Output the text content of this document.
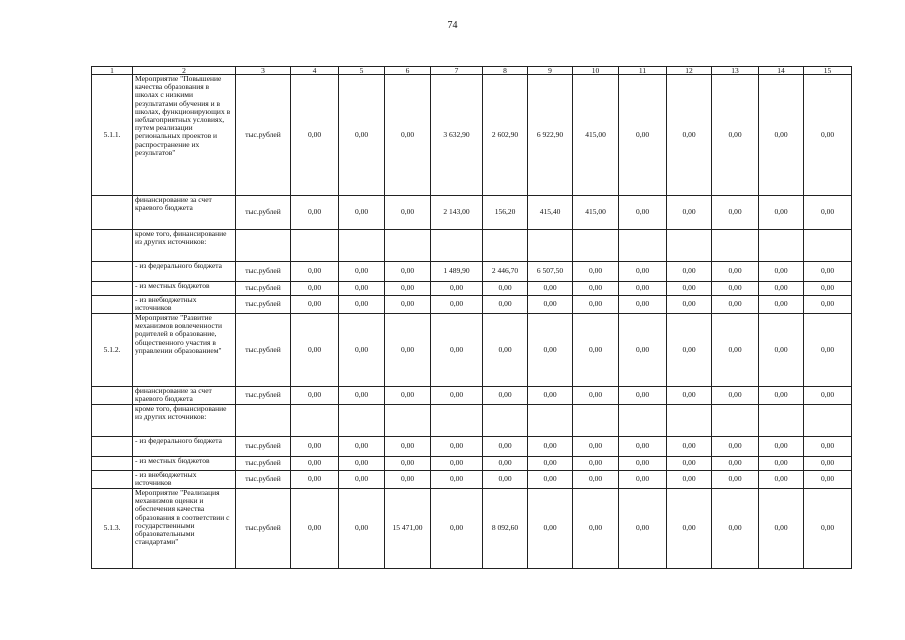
74
1	2	3	4	5	6	7	8	9	10	11	12	13	14	15
5.1.1.	Мероприятие "Повышение качества образования в школах с низкими результатами обучения и в школах, функционирующих в неблагоприятных условиях, путем реализации региональных проектов и распространение их результатов"	тыс.рублей	0,00	0,00	0,00	3 632,90	2 602,90	6 922,90	415,00	0,00	0,00	0,00	0,00	0,00
	финансирование за счет краевого бюджета	тыс.рублей	0,00	0,00	0,00	2 143,00	156,20	415,40	415,00	0,00	0,00	0,00	0,00	0,00
	кроме того, финансирование из других источников:													
	- из федерального бюджета	тыс.рублей	0,00	0,00	0,00	1 489,90	2 446,70	6 507,50	0,00	0,00	0,00	0,00	0,00	0,00
	- из местных бюджетов	тыс.рублей	0,00	0,00	0,00	0,00	0,00	0,00	0,00	0,00	0,00	0,00	0,00	0,00
	- из внебюджетных источников	тыс.рублей	0,00	0,00	0,00	0,00	0,00	0,00	0,00	0,00	0,00	0,00	0,00	0,00
5.1.2.	Мероприятие "Развитие механизмов вовлеченности родителей в образование, общественного участия в управлении образованием"	тыс.рублей	0,00	0,00	0,00	0,00	0,00	0,00	0,00	0,00	0,00	0,00	0,00	0,00
	финансирование за счет краевого бюджета	тыс.рублей	0,00	0,00	0,00	0,00	0,00	0,00	0,00	0,00	0,00	0,00	0,00	0,00
	кроме того, финансирование из других источников:													
	- из федерального бюджета	тыс.рублей	0,00	0,00	0,00	0,00	0,00	0,00	0,00	0,00	0,00	0,00	0,00	0,00
	- из местных бюджетов	тыс.рублей	0,00	0,00	0,00	0,00	0,00	0,00	0,00	0,00	0,00	0,00	0,00	0,00
	- из внебюджетных источников	тыс.рублей	0,00	0,00	0,00	0,00	0,00	0,00	0,00	0,00	0,00	0,00	0,00	0,00
5.1.3.	Мероприятие "Реализация механизмов оценки и обеспечения качества образования в соответствии с государственными образовательными стандартами"	тыс.рублей	0,00	0,00	15 471,00	0,00	8 092,60	0,00	0,00	0,00	0,00	0,00	0,00	0,00
